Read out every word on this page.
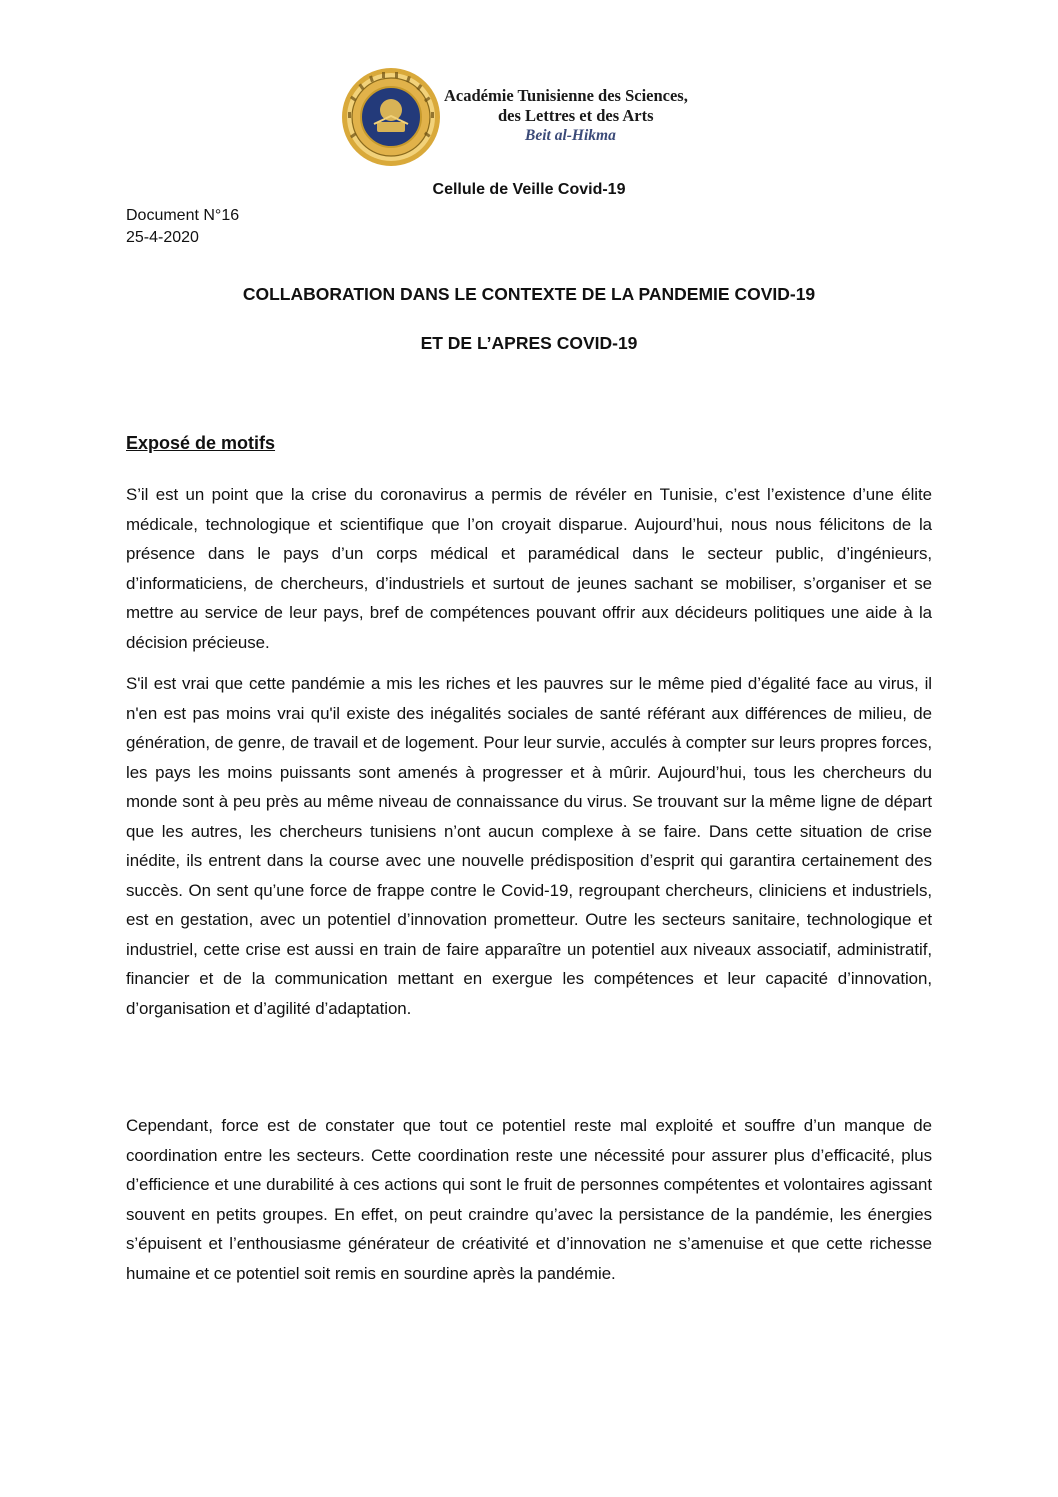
Académie Tunisienne des Sciences,
des Lettres et des Arts
Beit al-Hikma
Cellule de Veille Covid-19
Document N°16
25-4-2020
COLLABORATION DANS LE CONTEXTE DE LA PANDEMIE COVID-19
ET DE L’APRES COVID-19
Exposé de motifs

S’il est un point que la crise du coronavirus a permis de révéler en Tunisie, c’est l’existence d’une élite médicale, technologique et scientifique que l’on croyait disparue. Aujourd’hui, nous nous félicitons de la présence dans le pays d’un corps médical et paramédical dans le secteur public, d’ingénieurs, d’informaticiens, de chercheurs, d’industriels et surtout de jeunes sachant se mobiliser, s’organiser et se mettre au service de leur pays, bref de compétences pouvant offrir aux décideurs politiques une aide à la décision précieuse.

S'il est vrai que cette pandémie a mis les riches et les pauvres sur le même pied d’égalité face au virus, il n'en est pas moins vrai qu'il existe des inégalités sociales de santé référant aux différences de milieu, de génération, de genre, de travail et de logement. Pour leur survie, acculés à compter sur leurs propres forces, les pays les moins puissants sont amenés à progresser et à mûrir. Aujourd’hui, tous les chercheurs du monde sont à peu près au même niveau de connaissance du virus. Se trouvant sur la même ligne de départ que les autres, les chercheurs tunisiens n’ont aucun complexe à se faire. Dans cette situation de crise inédite, ils entrent dans la course avec une nouvelle prédisposition d’esprit qui garantira certainement des succès. On sent qu’une force de frappe contre le Covid-19, regroupant chercheurs, cliniciens et industriels, est en gestation, avec un potentiel d’innovation prometteur. Outre les secteurs sanitaire, technologique et industriel, cette crise est aussi en train de faire apparaître un potentiel aux niveaux associatif, administratif, financier et de la communication mettant en exergue les compétences et leur capacité d’innovation, d’organisation et d’agilité d’adaptation.

Cependant, force est de constater que tout ce potentiel reste mal exploité et souffre d’un manque de coordination entre les secteurs. Cette coordination reste une nécessité pour assurer plus d’efficacité, plus d’efficience et une durabilité à ces actions qui sont le fruit de personnes compétentes et volontaires agissant souvent en petits groupes. En effet, on peut craindre qu’avec la persistance de la pandémie, les énergies s’épuisent et l’enthousiasme générateur de créativité et d’innovation ne s’amenuise et que cette richesse humaine et ce potentiel soit remis en sourdine après la pandémie.
